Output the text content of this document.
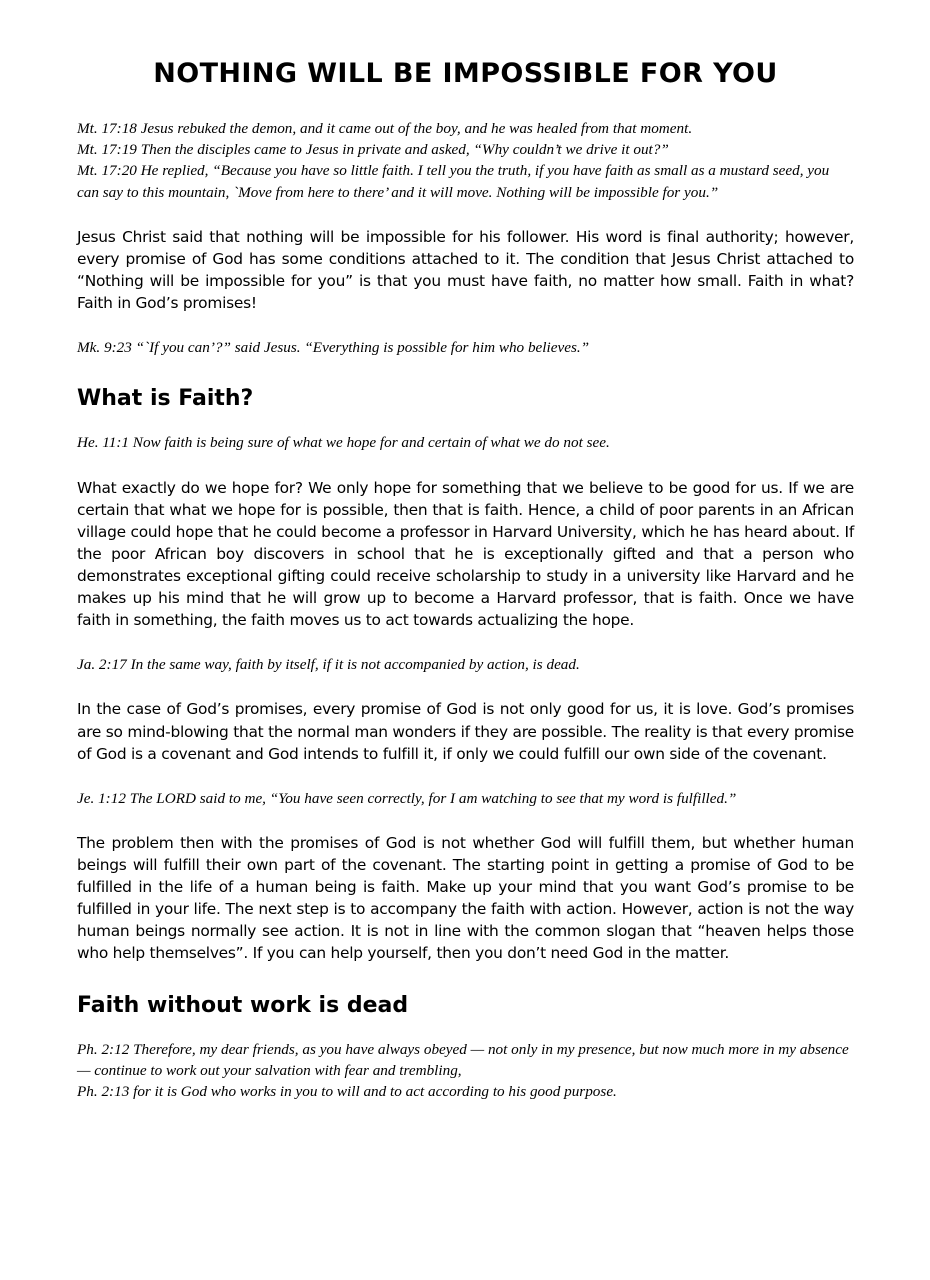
NOTHING WILL BE IMPOSSIBLE FOR YOU

Mt. 17:18 Jesus rebuked the demon, and it came out of the boy, and he was healed from that moment.

Mt. 17:19 Then the disciples came to Jesus in private and asked, “Why couldn’t we drive it out?”

Mt. 17:20 He replied, “Because you have so little faith. I tell you the truth, if you have faith as small as a mustard seed, you can say to this mountain, `Move from here to there’ and it will move. Nothing will be impossible for you.”

Jesus Christ said that nothing will be impossible for his follower. His word is final authority; however, every promise of God has some conditions attached to it. The condition that Jesus Christ attached to “Nothing will be impossible for you” is that you must have faith, no matter how small. Faith in what? Faith in God’s promises!

Mk. 9:23 “`If you can’?” said Jesus. “Everything is possible for him who believes.”

What is Faith?

He. 11:1 Now faith is being sure of what we hope for and certain of what we do not see.

What exactly do we hope for? We only hope for something that we believe to be good for us. If we are certain that what we hope for is possible, then that is faith. Hence, a child of poor parents in an African village could hope that he could become a professor in Harvard University, which he has heard about. If the poor African boy discovers in school that he is exceptionally gifted and that a person who demonstrates exceptional gifting could receive scholarship to study in a university like Harvard and he makes up his mind that he will grow up to become a Harvard professor, that is faith. Once we have faith in something, the faith moves us to act towards actualizing the hope.

Ja. 2:17 In the same way, faith by itself, if it is not accompanied by action, is dead.

In the case of God’s promises, every promise of God is not only good for us, it is love. God’s promises are so mind-blowing that the normal man wonders if they are possible. The reality is that every promise of God is a covenant and God intends to fulfill it, if only we could fulfill our own side of the covenant.

Je. 1:12 The LORD said to me, “You have seen correctly, for I am watching to see that my word is fulfilled.”

The problem then with the promises of God is not whether God will fulfill them, but whether human beings will fulfill their own part of the covenant. The starting point in getting a promise of God to be fulfilled in the life of a human being is faith. Make up your mind that you want God’s promise to be fulfilled in your life. The next step is to accompany the faith with action. However, action is not the way human beings normally see action. It is not in line with the common slogan that “heaven helps those who help themselves”. If you can help yourself, then you don’t need God in the matter.

Faith without work is dead

Ph. 2:12 Therefore, my dear friends, as you have always obeyed — not only in my presence, but now much more in my absence — continue to work out your salvation with fear and trembling,

Ph. 2:13 for it is God who works in you to will and to act according to his good purpose.
